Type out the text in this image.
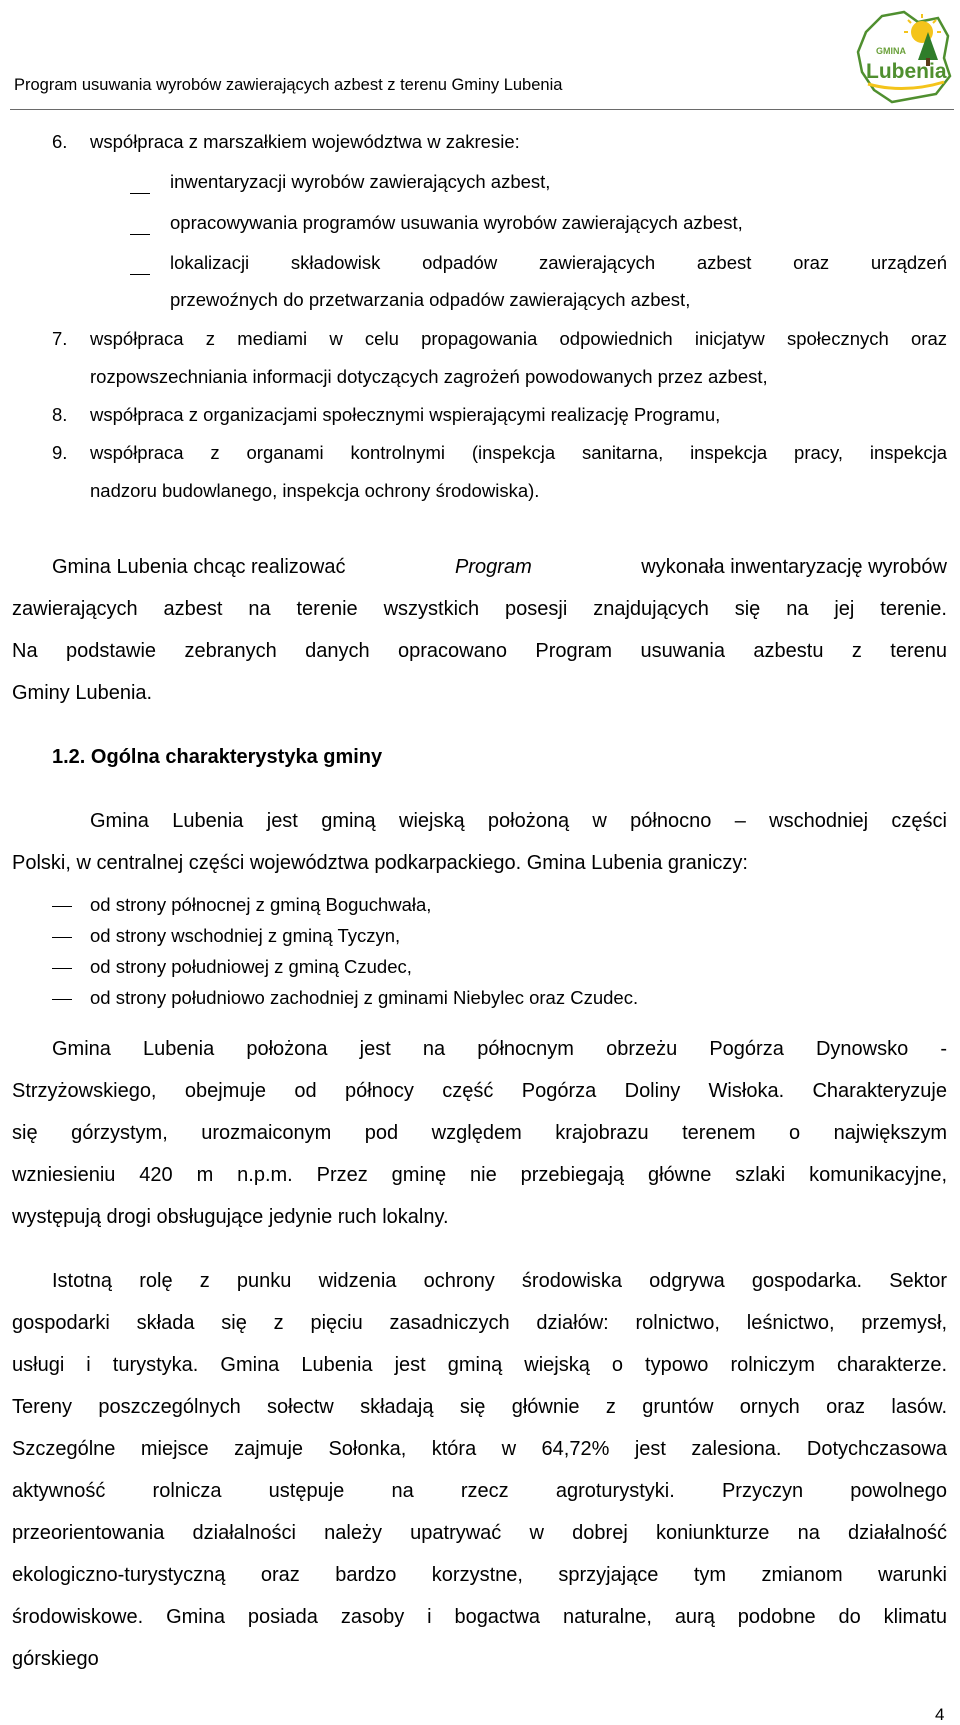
Program usuwania wyrobów zawierających azbest z terenu Gminy Lubenia
GMINA
Lubenia
6. współpraca z marszałkiem województwa w zakresie:
inwentaryzacji wyrobów zawierających azbest,
opracowywania programów usuwania wyrobów zawierających azbest,
lokalizacji składowisk odpadów zawierających azbest oraz urządzeń
przewoźnych do przetwarzania odpadów zawierających azbest,
7. współpraca z mediami w celu propagowania odpowiednich inicjatyw społecznych oraz
rozpowszechniania informacji dotyczących zagrożeń powodowanych przez azbest,
8. współpraca z organizacjami społecznymi wspierającymi realizację Programu,
9. współpraca z organami kontrolnymi (inspekcja sanitarna, inspekcja pracy, inspekcja
nadzoru budowlanego, inspekcja ochrony środowiska).
Gmina Lubenia chcąc realizować	Program	wykonała inwentaryzację wyrobów
zawierających azbest na terenie wszystkich posesji znajdujących się na jej terenie.
Na podstawie zebranych danych opracowano Program usuwania azbestu z terenu
Gminy Lubenia.
1.2. Ogólna charakterystyka gminy
Gmina Lubenia jest gminą wiejską położoną w północno – wschodniej części
Polski, w centralnej części województwa podkarpackiego. Gmina Lubenia graniczy:
od strony północnej z gminą Boguchwała,
od strony wschodniej z gminą Tyczyn,
od strony południowej z gminą Czudec,
od strony południowo zachodniej z gminami Niebylec oraz Czudec.
Gmina Lubenia położona jest na północnym obrzeżu Pogórza Dynowsko -
Strzyżowskiego, obejmuje od północy część Pogórza Doliny Wisłoka. Charakteryzuje
się górzystym, urozmaiconym pod względem krajobrazu terenem o największym
wzniesieniu 420 m n.p.m. Przez gminę nie przebiegają główne szlaki komunikacyjne,
występują drogi obsługujące jedynie ruch lokalny.
Istotną rolę z punku widzenia ochrony środowiska odgrywa gospodarka. Sektor
gospodarki składa się z pięciu zasadniczych działów: rolnictwo, leśnictwo, przemysł,
usługi i turystyka. Gmina Lubenia jest gminą wiejską o typowo rolniczym charakterze.
Tereny poszczególnych sołectw składają się głównie z gruntów ornych oraz lasów.
Szczególne miejsce zajmuje Sołonka, która w 64,72% jest zalesiona. Dotychczasowa
aktywność rolnicza ustępuje na rzecz agroturystyki. Przyczyn powolnego
przeorientowania działalności należy upatrywać w dobrej koniunkturze na działalność
ekologiczno-turystyczną oraz bardzo korzystne, sprzyjające tym zmianom warunki
środowiskowe. Gmina posiada zasoby i bogactwa naturalne, aurą podobne do klimatu
górskiego
4
